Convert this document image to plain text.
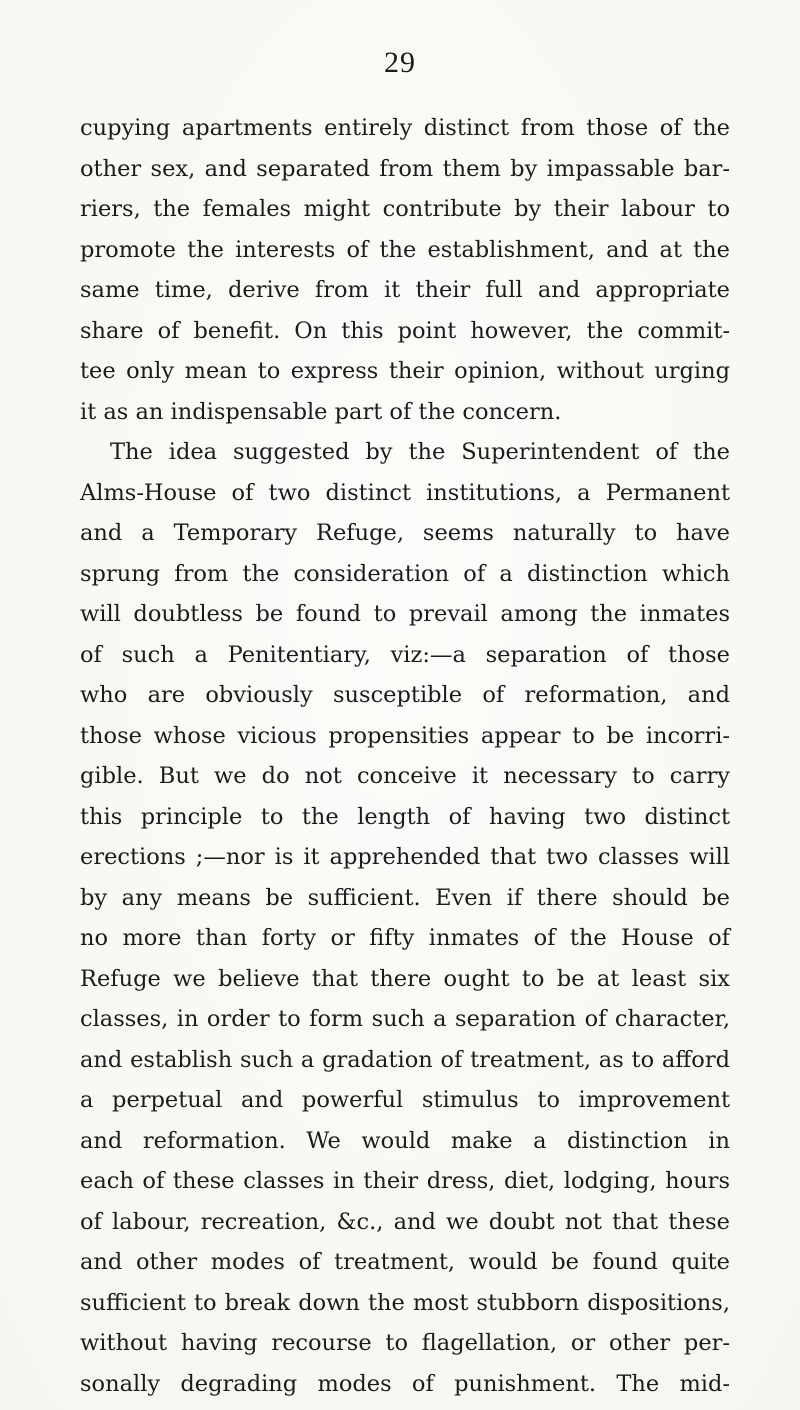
29
cupying apartments entirely distinct from those of the
other sex, and separated from them by impassable bar-
riers, the females might contribute by their labour to
promote the interests of the establishment, and at the
same time, derive from it their full and appropriate
share of benefit. On this point however, the commit-
tee only mean to express their opinion, without urging
it as an indispensable part of the concern.
The idea suggested by the Superintendent of the
Alms-House of two distinct institutions, a Permanent
and a Temporary Refuge, seems naturally to have
sprung from the consideration of a distinction which
will doubtless be found to prevail among the inmates
of such a Penitentiary, viz:—a separation of those
who are obviously susceptible of reformation, and
those whose vicious propensities appear to be incorri-
gible. But we do not conceive it necessary to carry
this principle to the length of having two distinct
erections ;—nor is it apprehended that two classes will
by any means be sufficient. Even if there should be
no more than forty or fifty inmates of the House of
Refuge we believe that there ought to be at least six
classes, in order to form such a separation of character,
and establish such a gradation of treatment, as to afford
a perpetual and powerful stimulus to improvement
and reformation. We would make a distinction in
each of these classes in their dress, diet, lodging, hours
of labour, recreation, &c., and we doubt not that these
and other modes of treatment, would be found quite
sufficient to break down the most stubborn dispositions,
without having recourse to flagellation, or other per-
sonally degrading modes of punishment. The mid-
